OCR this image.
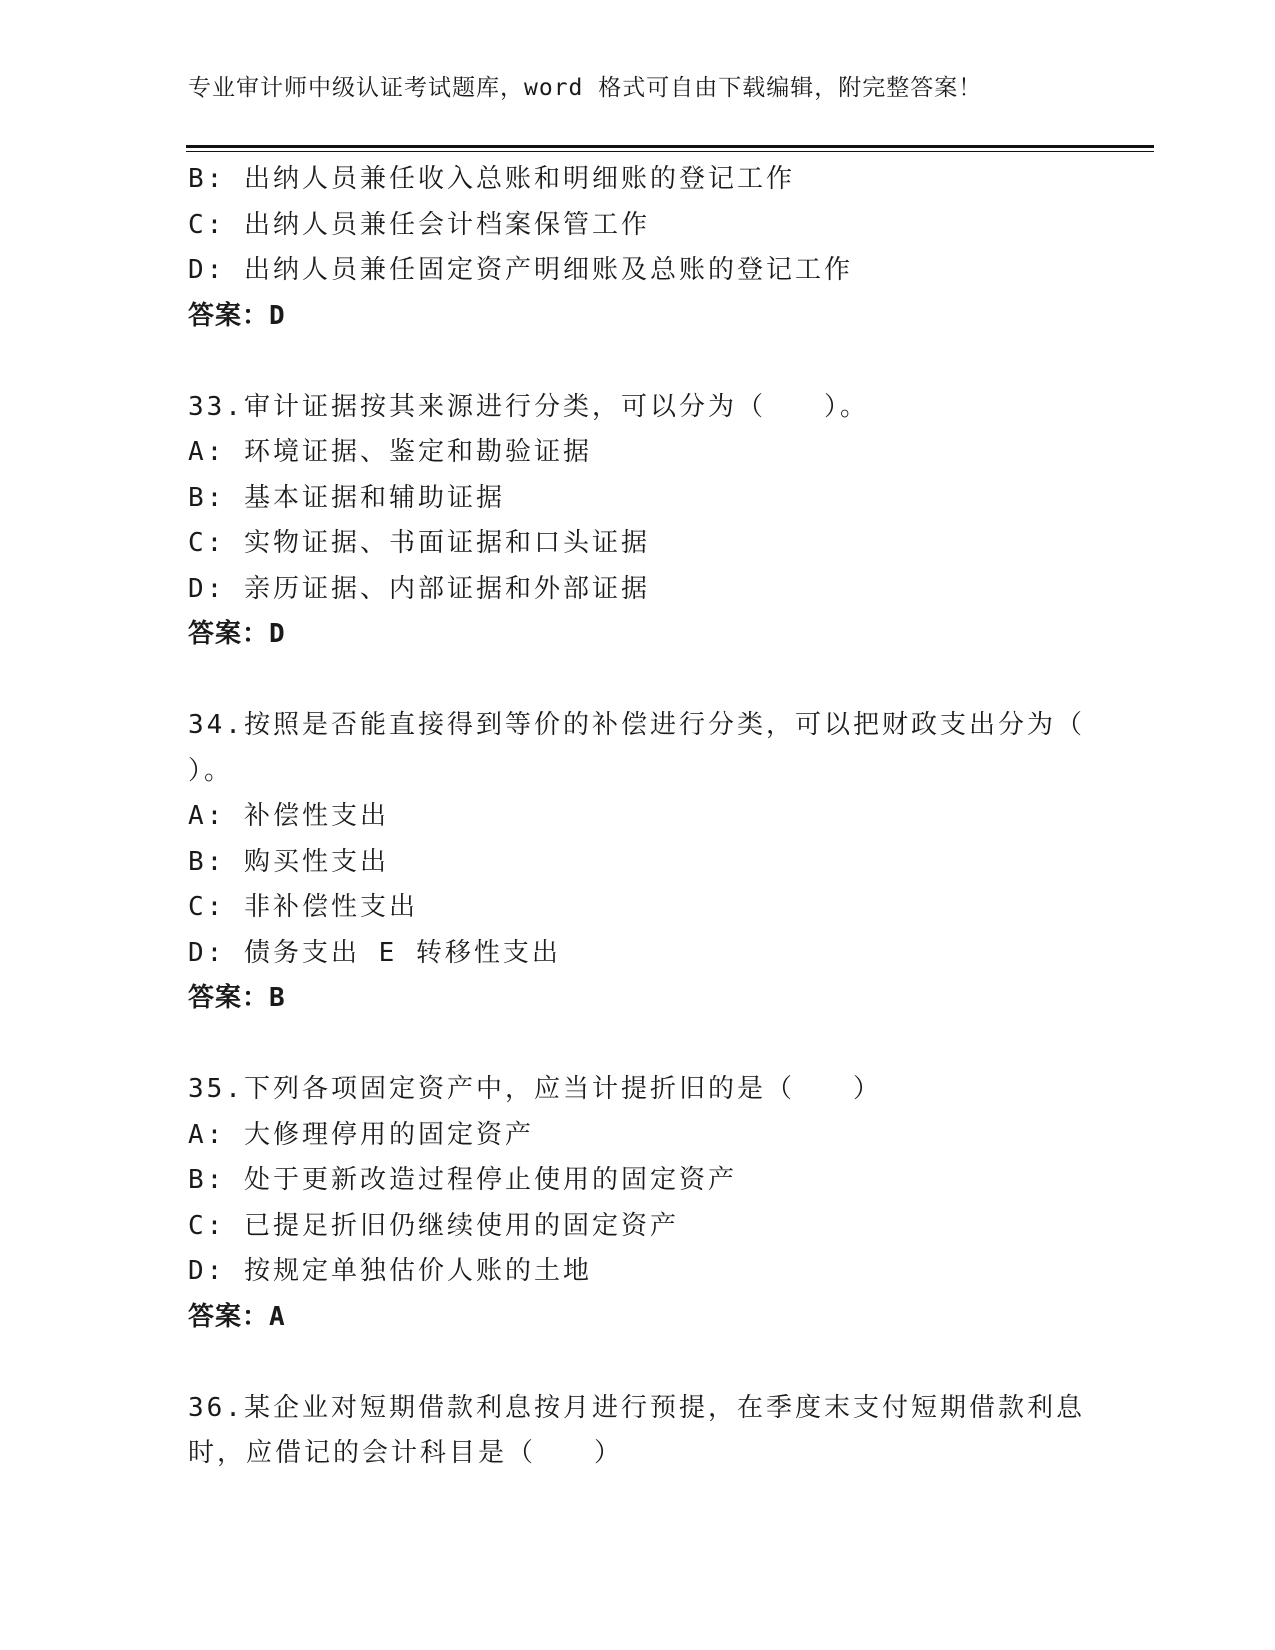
专业审计师中级认证考试题库，word 格式可自由下载编辑，附完整答案！
B: 出纳人员兼任收入总账和明细账的登记工作
C: 出纳人员兼任会计档案保管工作
D: 出纳人员兼任固定资产明细账及总账的登记工作
答案：D
33.审计证据按其来源进行分类，可以分为（　　）。
A: 环境证据、鉴定和勘验证据
B: 基本证据和辅助证据
C: 实物证据、书面证据和口头证据
D: 亲历证据、内部证据和外部证据
答案：D
34.按照是否能直接得到等价的补偿进行分类，可以把财政支出分为（
）。
A: 补偿性支出
B: 购买性支出
C: 非补偿性支出
D: 债务支出 E 转移性支出
答案：B
35.下列各项固定资产中，应当计提折旧的是（　　）
A: 大修理停用的固定资产
B: 处于更新改造过程停止使用的固定资产
C: 已提足折旧仍继续使用的固定资产
D: 按规定单独估价人账的土地
答案：A
36.某企业对短期借款利息按月进行预提，在季度末支付短期借款利息
时，应借记的会计科目是（　　）
